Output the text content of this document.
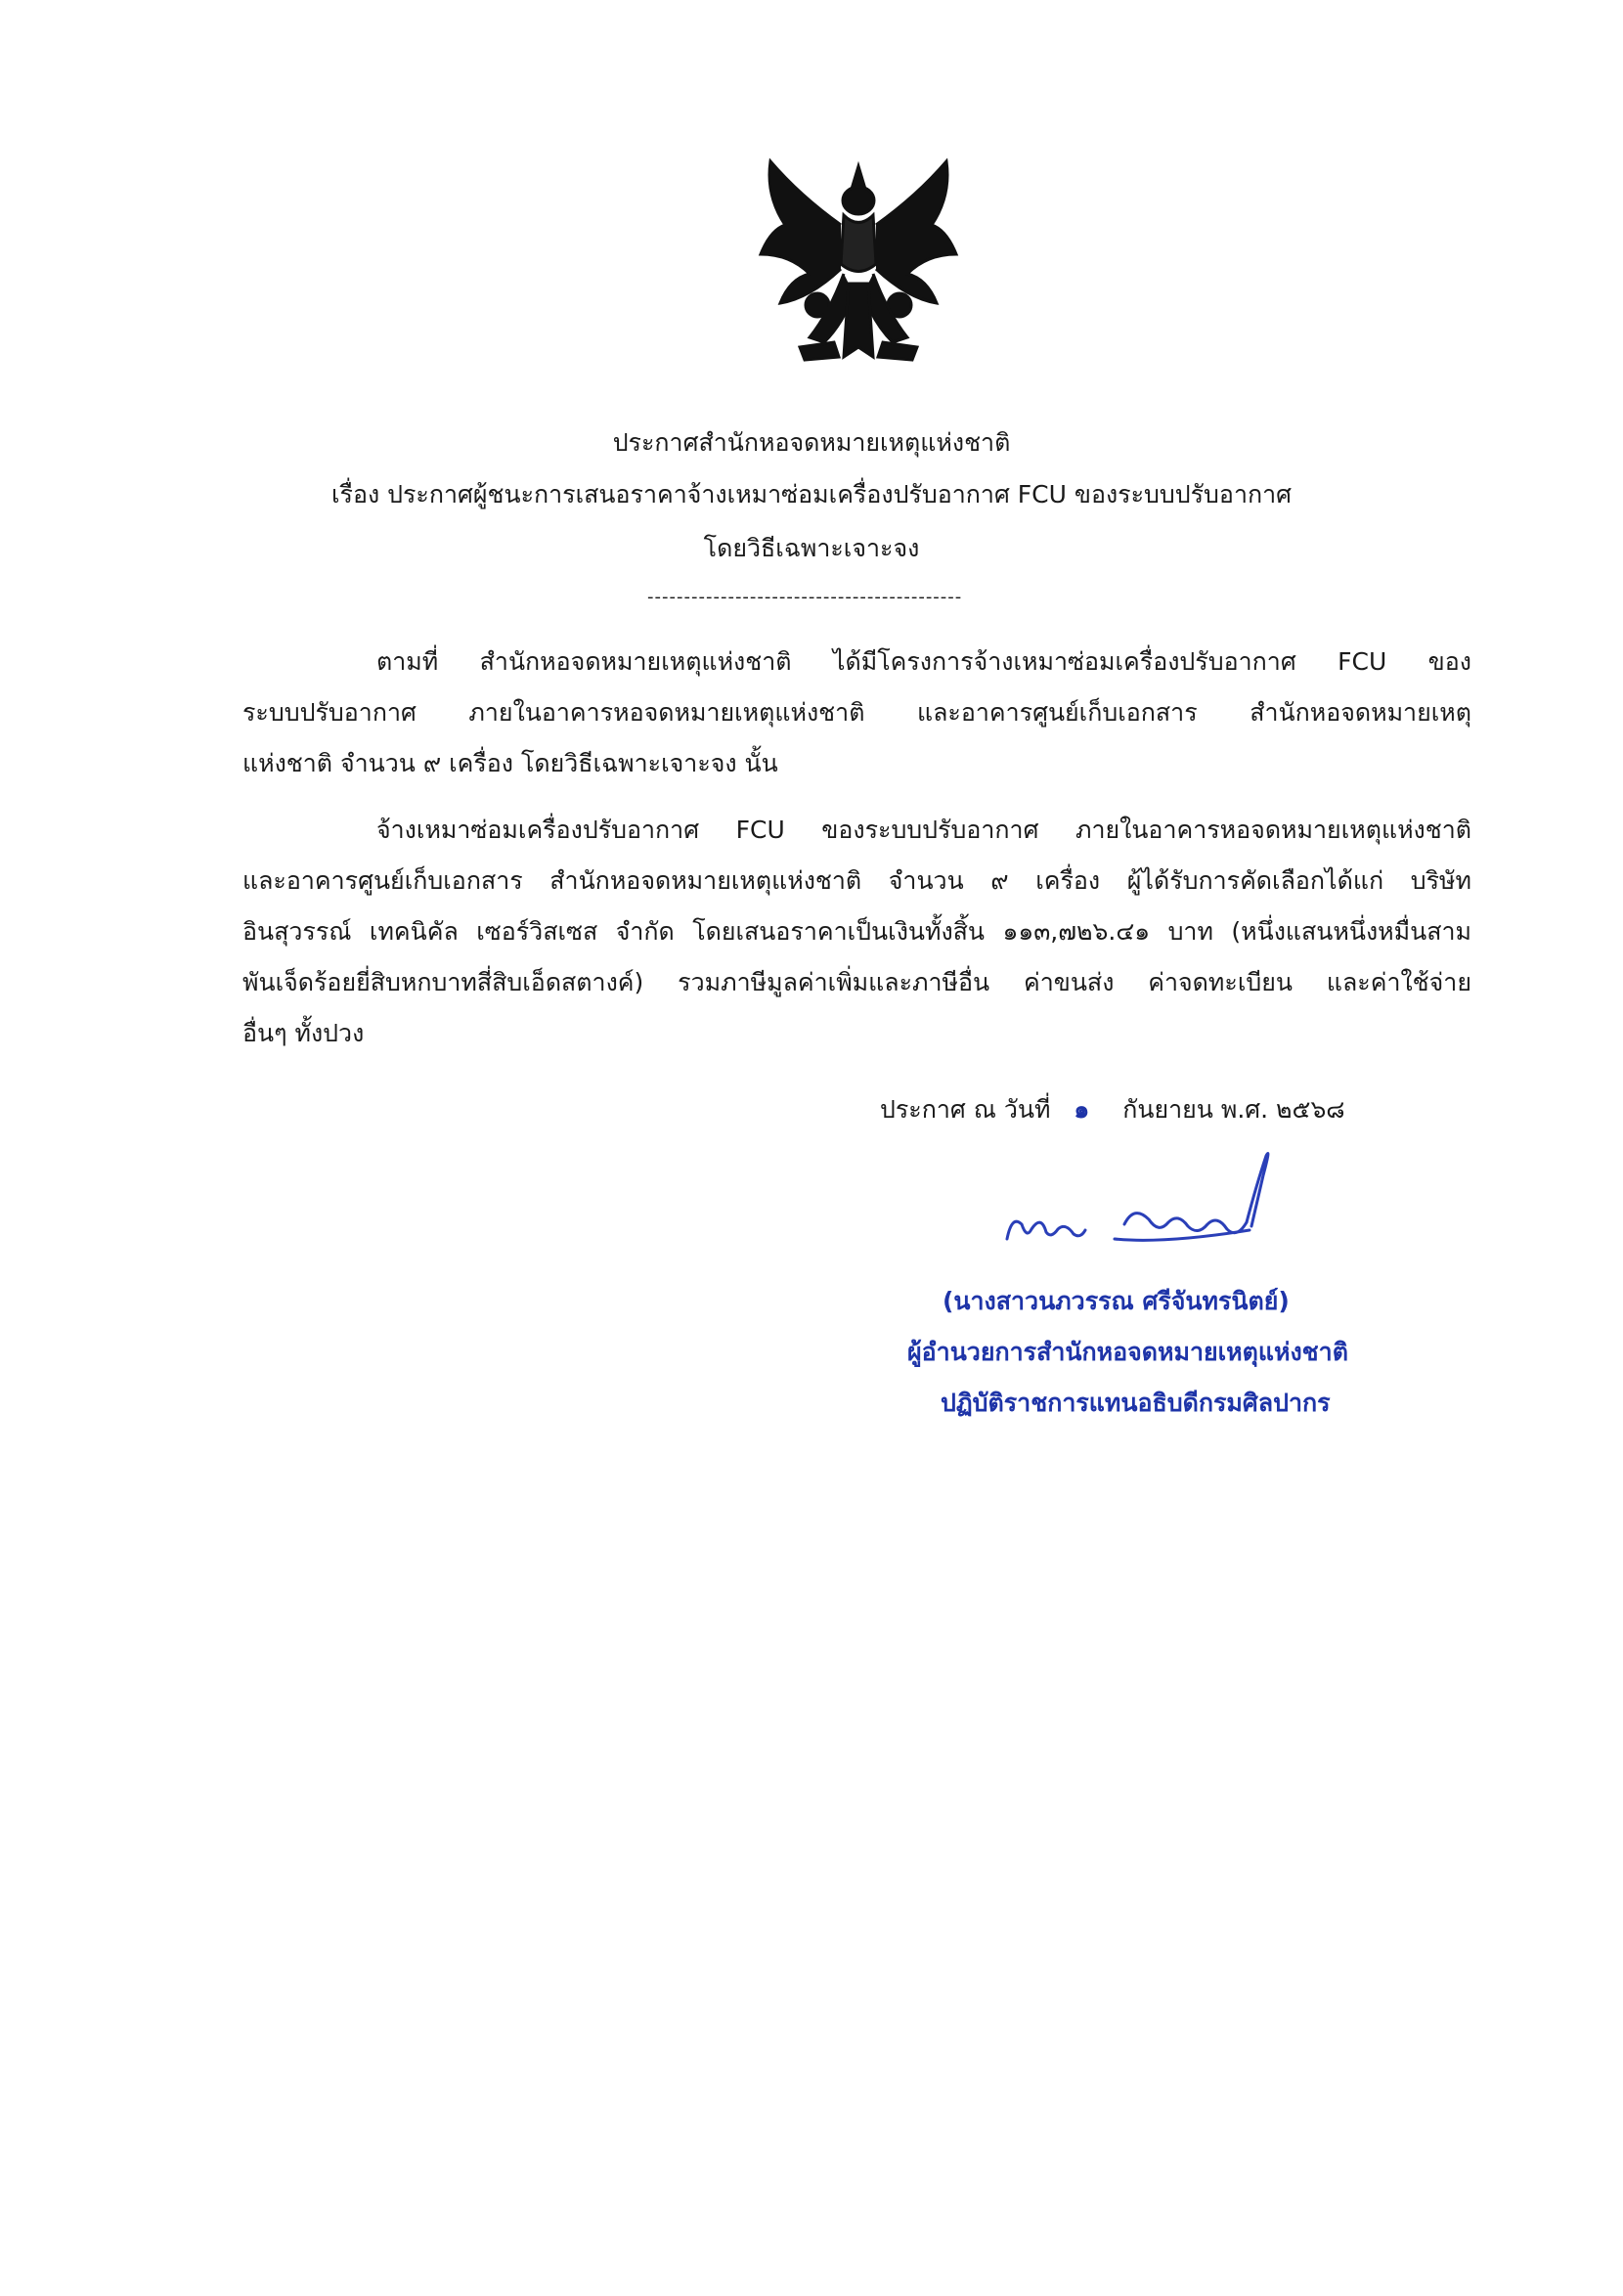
ประกาศสำนักหอจดหมายเหตุแห่งชาติ
เรื่อง ประกาศผู้ชนะการเสนอราคาจ้างเหมาซ่อมเครื่องปรับอากาศ FCU ของระบบปรับอากาศ
โดยวิธีเฉพาะเจาะจง
-------------------------------------------
ตามที่ สำนักหอจดหมายเหตุแห่งชาติ ได้มีโครงการจ้างเหมาซ่อมเครื่องปรับอากาศ FCU ของ
ระบบปรับอากาศ ภายในอาคารหอจดหมายเหตุแห่งชาติ และอาคารศูนย์เก็บเอกสาร สำนักหอจดหมายเหตุ
แห่งชาติ จำนวน ๙ เครื่อง โดยวิธีเฉพาะเจาะจง นั้น
จ้างเหมาซ่อมเครื่องปรับอากาศ FCU ของระบบปรับอากาศ ภายในอาคารหอจดหมายเหตุแห่งชาติ
และอาคารศูนย์เก็บเอกสาร สำนักหอจดหมายเหตุแห่งชาติ จำนวน ๙ เครื่อง ผู้ได้รับการคัดเลือกได้แก่ บริษัท
อินสุวรรณ์ เทคนิคัล เซอร์วิสเซส จำกัด โดยเสนอราคาเป็นเงินทั้งสิ้น ๑๑๓,๗๒๖.๔๑ บาท (หนึ่งแสนหนึ่งหมื่นสาม
พันเจ็ดร้อยยี่สิบหกบาทสี่สิบเอ็ดสตางค์) รวมภาษีมูลค่าเพิ่มและภาษีอื่น ค่าขนส่ง ค่าจดทะเบียน และค่าใช้จ่าย
อื่นๆ ทั้งปวง
ประกาศ ณ วันที่ ๑ กันยายน พ.ศ. ๒๕๖๘
(นางสาวนภวรรณ ศรีจันทรนิตย์)
ผู้อำนวยการสำนักหอจดหมายเหตุแห่งชาติ
ปฏิบัติราชการแทนอธิบดีกรมศิลปากร
